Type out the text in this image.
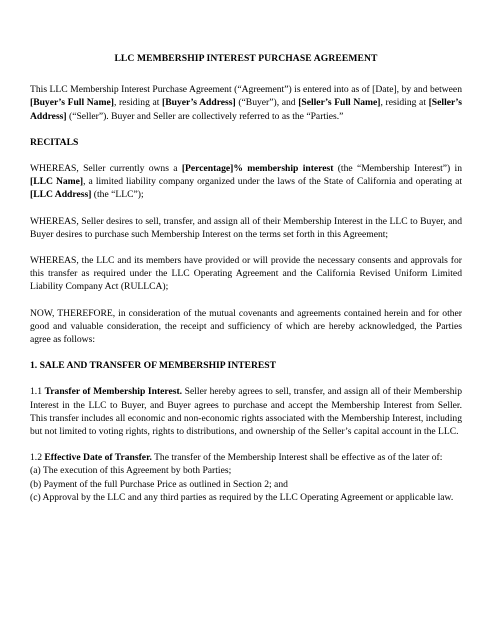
LLC MEMBERSHIP INTEREST PURCHASE AGREEMENT

This LLC Membership Interest Purchase Agreement (“Agreement”) is entered into as of [Date], by and between [Buyer’s Full Name], residing at [Buyer’s Address] (“Buyer”), and [Seller’s Full Name], residing at [Seller’s Address] (“Seller”). Buyer and Seller are collectively referred to as the “Parties.”

RECITALS

WHEREAS, Seller currently owns a [Percentage]% membership interest (the “Membership Interest”) in [LLC Name], a limited liability company organized under the laws of the State of California and operating at [LLC Address] (the “LLC”);

WHEREAS, Seller desires to sell, transfer, and assign all of their Membership Interest in the LLC to Buyer, and Buyer desires to purchase such Membership Interest on the terms set forth in this Agreement;

WHEREAS, the LLC and its members have provided or will provide the necessary consents and approvals for this transfer as required under the LLC Operating Agreement and the California Revised Uniform Limited Liability Company Act (RULLCA);

NOW, THEREFORE, in consideration of the mutual covenants and agreements contained herein and for other good and valuable consideration, the receipt and sufficiency of which are hereby acknowledged, the Parties agree as follows:

1. SALE AND TRANSFER OF MEMBERSHIP INTEREST

1.1 Transfer of Membership Interest. Seller hereby agrees to sell, transfer, and assign all of their Membership Interest in the LLC to Buyer, and Buyer agrees to purchase and accept the Membership Interest from Seller. This transfer includes all economic and non-economic rights associated with the Membership Interest, including but not limited to voting rights, rights to distributions, and ownership of the Seller’s capital account in the LLC.

1.2 Effective Date of Transfer. The transfer of the Membership Interest shall be effective as of the later of:

(a) The execution of this Agreement by both Parties;
(b) Payment of the full Purchase Price as outlined in Section 2; and
(c) Approval by the LLC and any third parties as required by the LLC Operating Agreement or applicable law.
